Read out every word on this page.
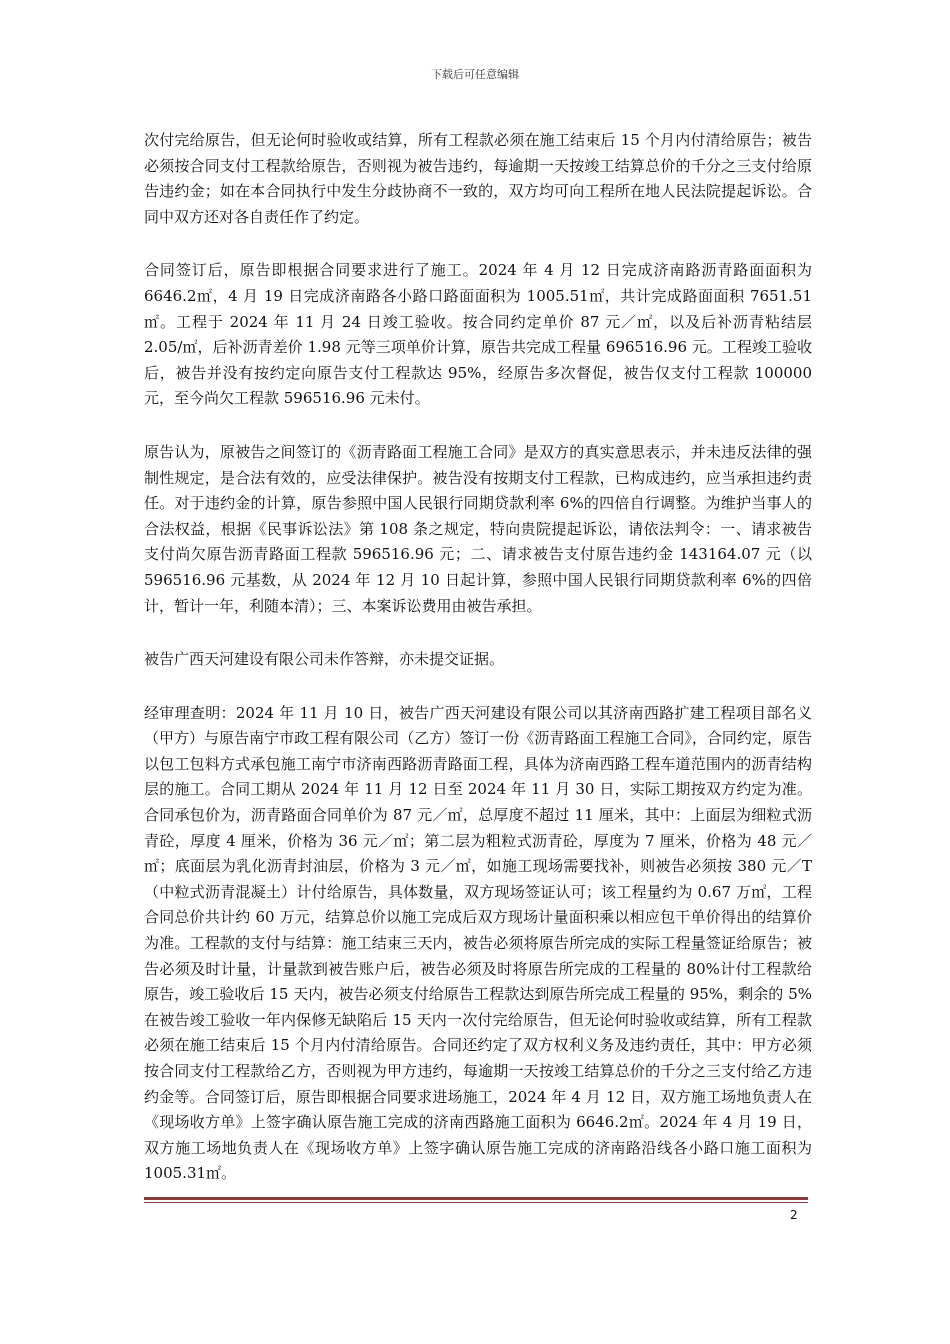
下载后可任意编辑

次付完给原告，但无论何时验收或结算，所有工程款必须在施工结束后 15 个月内付清给原告；被告必须按合同支付工程款给原告，否则视为被告违约，每逾期一天按竣工结算总价的千分之三支付给原告违约金；如在本合同执行中发生分歧协商不一致的，双方均可向工程所在地人民法院提起诉讼。合同中双方还对各自责任作了约定。

合同签订后，原告即根据合同要求进行了施工。2024 年 4 月 12 日完成济南路沥青路面面积为 6646.2㎡，4 月 19 日完成济南路各小路口路面面积为 1005.51㎡，共计完成路面面积 7651.51㎡。工程于 2024 年 11 月 24 日竣工验收。按合同约定单价 87 元／㎡，以及后补沥青粘结层 2.05/㎡，后补沥青差价 1.98 元等三项单价计算，原告共完成工程量 696516.96 元。工程竣工验收后，被告并没有按约定向原告支付工程款达 95%，经原告多次督促，被告仅支付工程款 100000 元，至今尚欠工程款 596516.96 元未付。

原告认为，原被告之间签订的《沥青路面工程施工合同》是双方的真实意思表示，并未违反法律的强制性规定，是合法有效的，应受法律保护。被告没有按期支付工程款，已构成违约，应当承担违约责任。对于违约金的计算，原告参照中国人民银行同期贷款利率 6%的四倍自行调整。为维护当事人的合法权益，根据《民事诉讼法》第 108 条之规定，特向贵院提起诉讼，请依法判令：一、请求被告支付尚欠原告沥青路面工程款 596516.96 元；二、请求被告支付原告违约金 143164.07 元（以 596516.96 元基数，从 2024 年 12 月 10 日起计算，参照中国人民银行同期贷款利率 6%的四倍计，暂计一年，利随本清）；三、本案诉讼费用由被告承担。

被告广西天河建设有限公司未作答辩，亦未提交证据。

经审理查明：2024 年 11 月 10 日，被告广西天河建设有限公司以其济南西路扩建工程项目部名义（甲方）与原告南宁市政工程有限公司（乙方）签订一份《沥青路面工程施工合同》，合同约定，原告以包工包料方式承包施工南宁市济南西路沥青路面工程，具体为济南西路工程车道范围内的沥青结构层的施工。合同工期从 2024 年 11 月 12 日至 2024 年 11 月 30 日，实际工期按双方约定为准。合同承包价为，沥青路面合同单价为 87 元／㎡，总厚度不超过 11 厘米，其中：上面层为细粒式沥青砼，厚度 4 厘米，价格为 36 元／㎡；第二层为粗粒式沥青砼，厚度为 7 厘米，价格为 48 元／㎡；底面层为乳化沥青封油层，价格为 3 元／㎡，如施工现场需要找补，则被告必须按 380 元／T（中粒式沥青混凝土）计付给原告，具体数量，双方现场签证认可；该工程量约为 0.67 万㎡，工程合同总价共计约 60 万元，结算总价以施工完成后双方现场计量面积乘以相应包干单价得出的结算价为准。工程款的支付与结算：施工结束三天内，被告必须将原告所完成的实际工程量签证给原告；被告必须及时计量，计量款到被告账户后，被告必须及时将原告所完成的工程量的 80%计付工程款给原告，竣工验收后 15 天内，被告必须支付给原告工程款达到原告所完成工程量的 95%，剩余的 5%在被告竣工验收一年内保修无缺陷后 15 天内一次付完给原告，但无论何时验收或结算，所有工程款必须在施工结束后 15 个月内付清给原告。合同还约定了双方权利义务及违约责任，其中：甲方必须按合同支付工程款给乙方，否则视为甲方违约，每逾期一天按竣工结算总价的千分之三支付给乙方违约金等。合同签订后，原告即根据合同要求进场施工，2024 年 4 月 12 日，双方施工场地负责人在《现场收方单》上签字确认原告施工完成的济南西路施工面积为 6646.2㎡。2024 年 4 月 19 日，双方施工场地负责人在《现场收方单》上签字确认原告施工完成的济南路沿线各小路口施工面积为 1005.31㎡。

2
